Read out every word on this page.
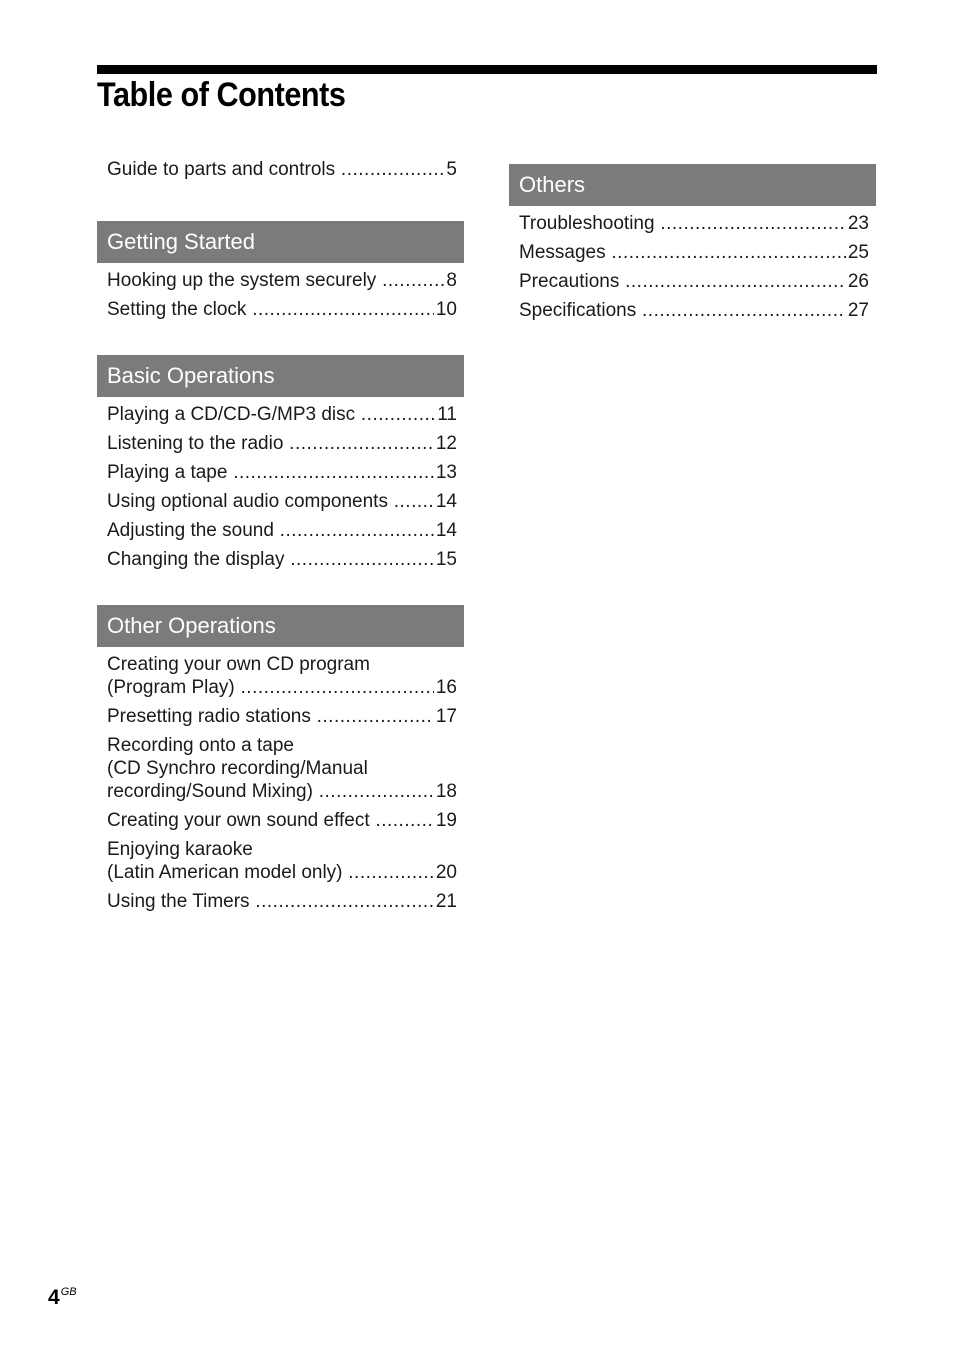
Table of Contents
Guide to parts and controls .....	5
Getting Started
Hooking up the system securely .....	8
Setting the clock .....	10
Basic Operations
Playing a CD/CD-G/MP3 disc .....	11
Listening to the radio .....	12
Playing a tape .....	13
Using optional audio components .....	14
Adjusting the sound .....	14
Changing the display .....	15
Other Operations
Creating your own CD program
(Program Play) .....	16
Presetting radio stations .....	17
Recording onto a tape
(CD Synchro recording/Manual
recording/Sound Mixing) .....	18
Creating your own sound effect .....	19
Enjoying karaoke
(Latin American model only) .....	20
Using the Timers .....	21
Others
Troubleshooting .....	23
Messages .....	25
Precautions .....	26
Specifications .....	27
$4^{GB}$
